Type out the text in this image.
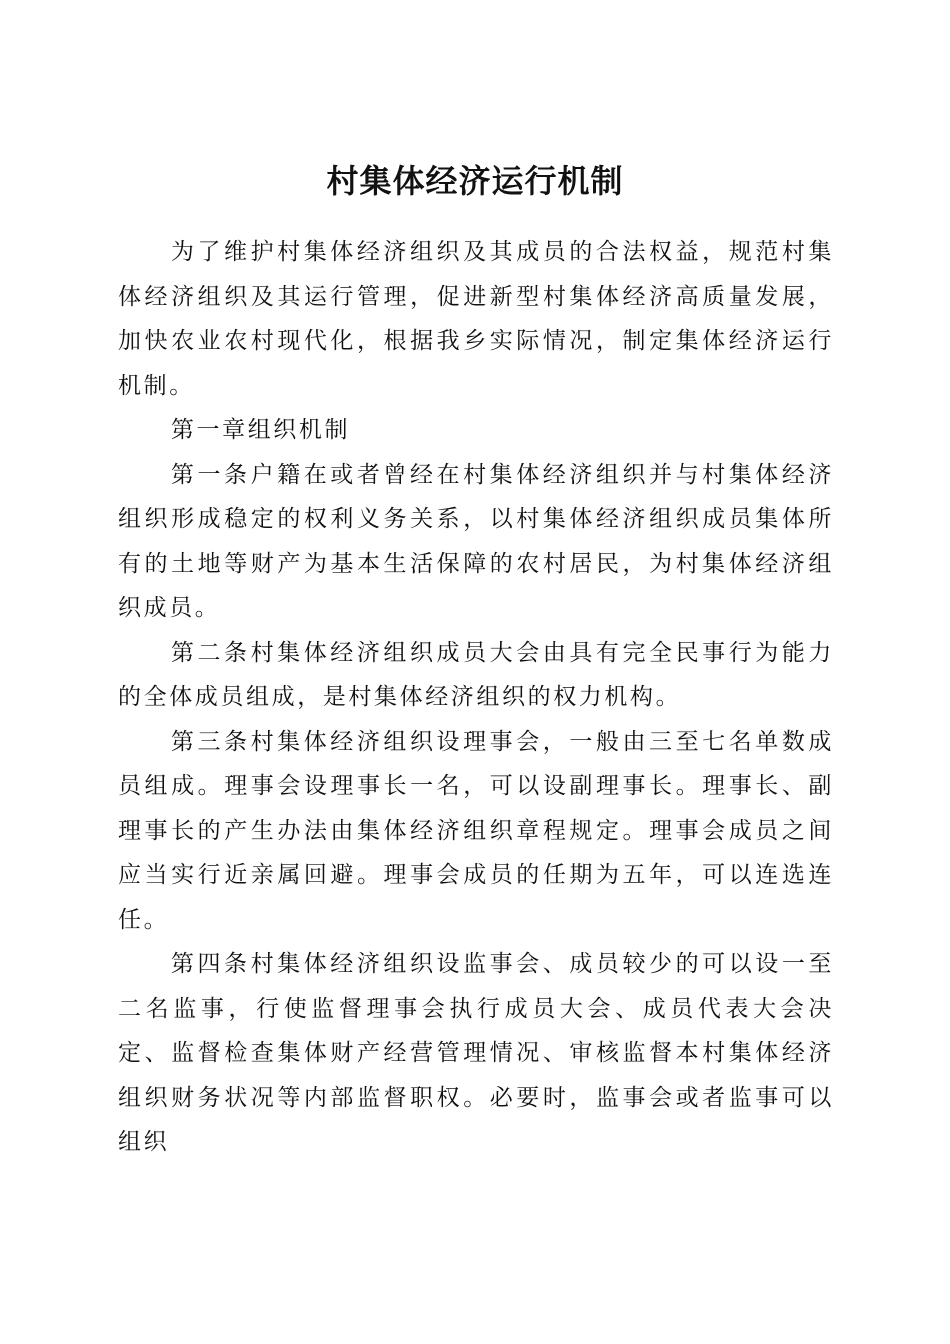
村集体经济运行机制

为了维护村集体经济组织及其成员的合法权益，规范村集体经济组织及其运行管理，促进新型村集体经济高质量发展，加快农业农村现代化，根据我乡实际情况，制定集体经济运行机制。

第一章组织机制

第一条户籍在或者曾经在村集体经济组织并与村集体经济组织形成稳定的权利义务关系，以村集体经济组织成员集体所有的土地等财产为基本生活保障的农村居民，为村集体经济组织成员。

第二条村集体经济组织成员大会由具有完全民事行为能力的全体成员组成，是村集体经济组织的权力机构。

第三条村集体经济组织设理事会，一般由三至七名单数成员组成。理事会设理事长一名，可以设副理事长。理事长、副理事长的产生办法由集体经济组织章程规定。理事会成员之间应当实行近亲属回避。理事会成员的任期为五年，可以连选连任。

第四条村集体经济组织设监事会、成员较少的可以设一至二名监事，行使监督理事会执行成员大会、成员代表大会决定、监督检查集体财产经营管理情况、审核监督本村集体经济组织财务状况等内部监督职权。必要时，监事会或者监事可以组织
